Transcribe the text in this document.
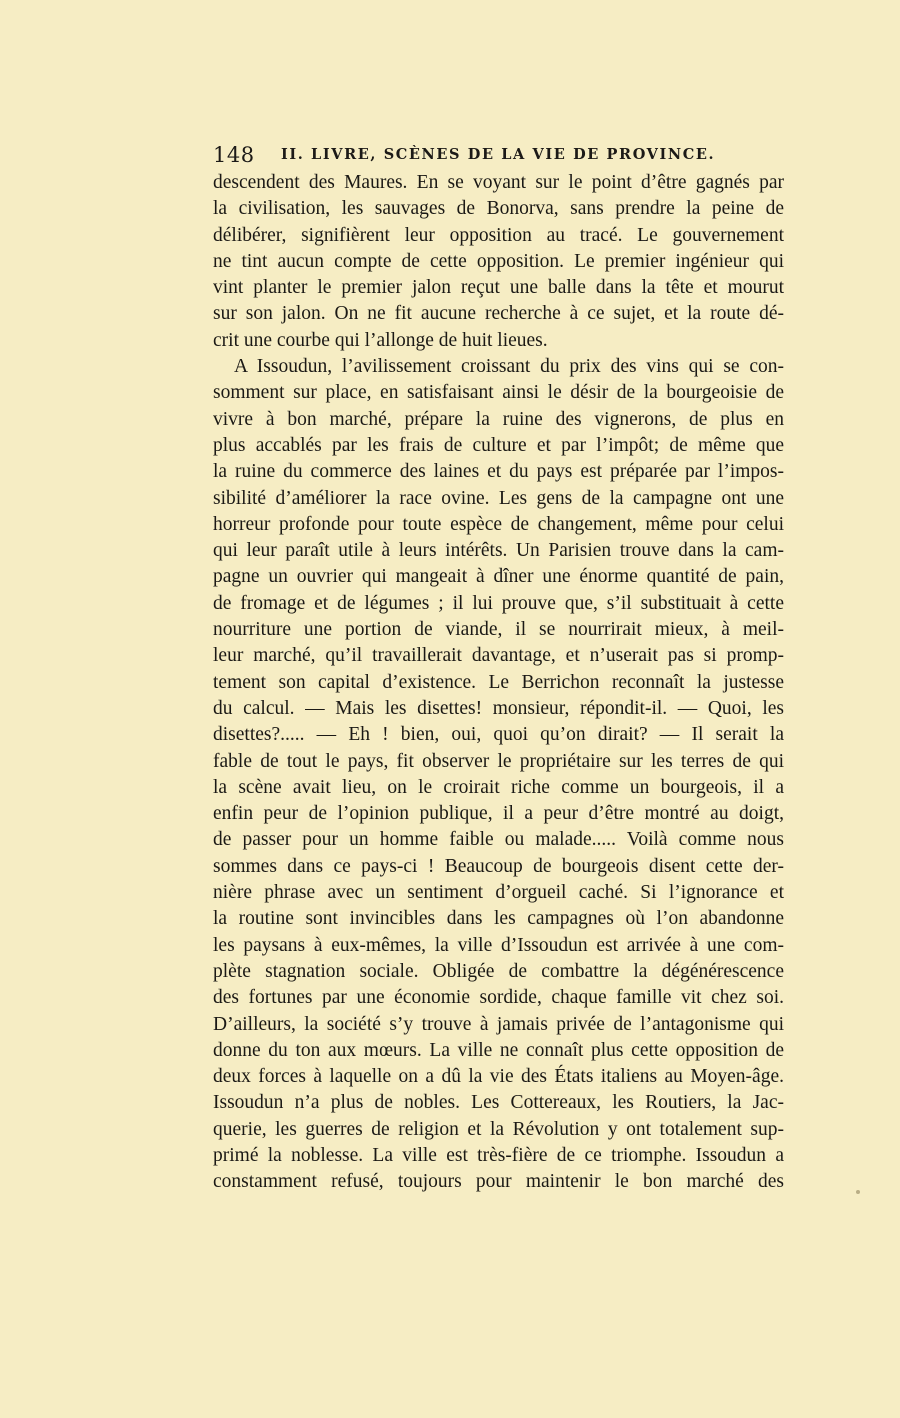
148 II. LIVRE, SCÈNES DE LA VIE DE PROVINCE.
descendent des Maures. En se voyant sur le point d’être gagnés par
la civilisation, les sauvages de Bonorva, sans prendre la peine de
délibérer, signifièrent leur opposition au tracé. Le gouvernement
ne tint aucun compte de cette opposition. Le premier ingénieur qui
vint planter le premier jalon reçut une balle dans la tête et mourut
sur son jalon. On ne fit aucune recherche à ce sujet, et la route dé-
crit une courbe qui l’allonge de huit lieues.
A Issoudun, l’avilissement croissant du prix des vins qui se con-
somment sur place, en satisfaisant ainsi le désir de la bourgeoisie de
vivre à bon marché, prépare la ruine des vignerons, de plus en
plus accablés par les frais de culture et par l’impôt; de même que
la ruine du commerce des laines et du pays est préparée par l’impos-
sibilité d’améliorer la race ovine. Les gens de la campagne ont une
horreur profonde pour toute espèce de changement, même pour celui
qui leur paraît utile à leurs intérêts. Un Parisien trouve dans la cam-
pagne un ouvrier qui mangeait à dîner une énorme quantité de pain,
de fromage et de légumes ; il lui prouve que, s’il substituait à cette
nourriture une portion de viande, il se nourrirait mieux, à meil-
leur marché, qu’il travaillerait davantage, et n’userait pas si promp-
tement son capital d’existence. Le Berrichon reconnaît la justesse
du calcul. — Mais les disettes! monsieur, répondit-il. — Quoi, les
disettes?..... — Eh ! bien, oui, quoi qu’on dirait? — Il serait la
fable de tout le pays, fit observer le propriétaire sur les terres de qui
la scène avait lieu, on le croirait riche comme un bourgeois, il a
enfin peur de l’opinion publique, il a peur d’être montré au doigt,
de passer pour un homme faible ou malade..... Voilà comme nous
sommes dans ce pays-ci ! Beaucoup de bourgeois disent cette der-
nière phrase avec un sentiment d’orgueil caché. Si l’ignorance et
la routine sont invincibles dans les campagnes où l’on abandonne
les paysans à eux-mêmes, la ville d’Issoudun est arrivée à une com-
plète stagnation sociale. Obligée de combattre la dégénérescence
des fortunes par une économie sordide, chaque famille vit chez soi.
D’ailleurs, la société s’y trouve à jamais privée de l’antagonisme qui
donne du ton aux mœurs. La ville ne connaît plus cette opposition de
deux forces à laquelle on a dû la vie des États italiens au Moyen-âge.
Issoudun n’a plus de nobles. Les Cottereaux, les Routiers, la Jac-
querie, les guerres de religion et la Révolution y ont totalement sup-
primé la noblesse. La ville est très-fière de ce triomphe. Issoudun a
constamment refusé, toujours pour maintenir le bon marché des
